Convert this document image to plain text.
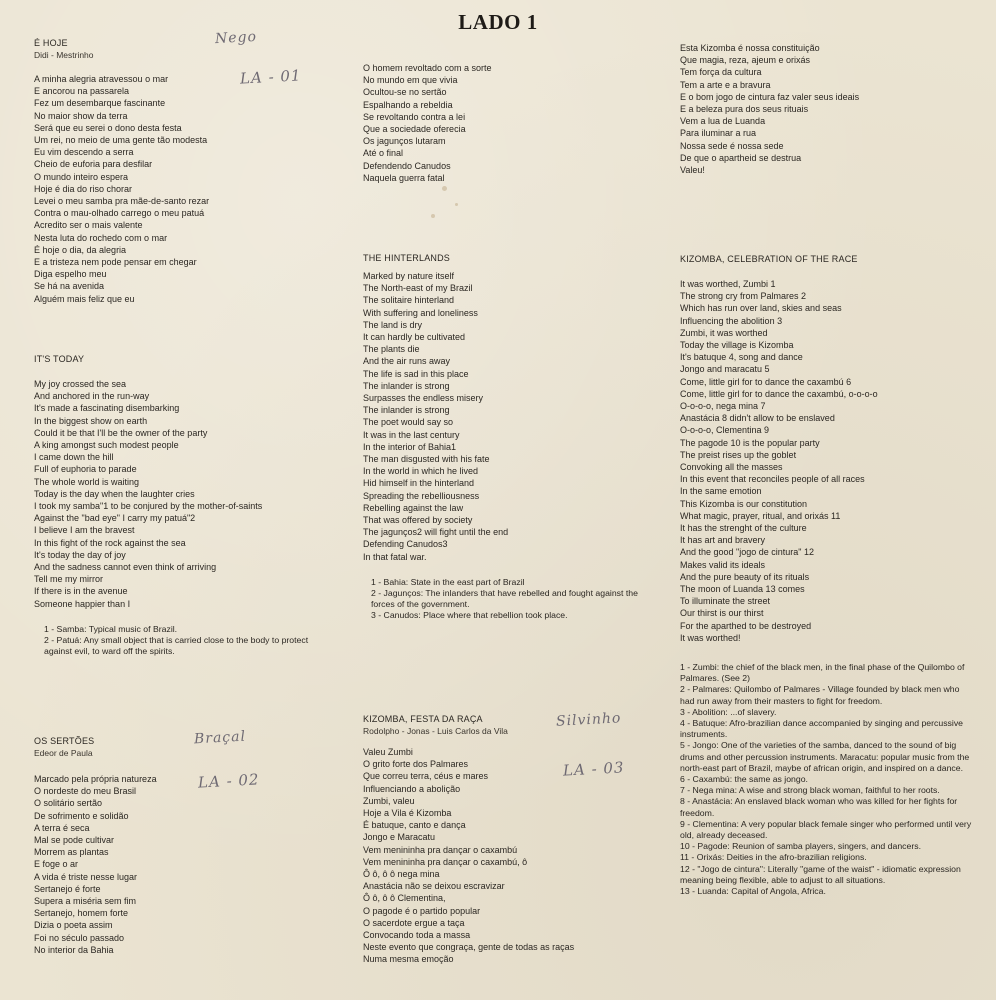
LADO 1
É HOJE

Didi - Mestrinho

A minha alegria atravessou o mar
E ancorou na passarela
Fez um desembarque fascinante
No maior show da terra
Será que eu serei o dono desta festa
Um rei, no meio de uma gente tão modesta
Eu vim descendo a serra
Cheio de euforia para desfilar
O mundo inteiro espera
Hoje é dia do riso chorar
Levei o meu samba pra mãe-de-santo rezar
Contra o mau-olhado carrego o meu patuá
Acredito ser o mais valente
Nesta luta do rochedo com o mar
É hoje o dia, da alegria
E a tristeza nem pode pensar em chegar
Diga espelho meu
Se há na avenida
Alguém mais feliz que eu
IT'S TODAY
My joy crossed the sea
And anchored in the run-way
It's made a fascinating disembarking
In the biggest show on earth
Could it be that I'll be the owner of the party
A king amongst such modest people
I came down the hill
Full of euphoria to parade
The whole world is waiting
Today is the day when the laughter cries
I took my samba"1 to be conjured by the mother-of-saints
Against the "bad eye" I carry my patuá"2
I believe I am the bravest
In this fight of the rock against the sea
It's today the day of joy
And the sadness cannot even think of arriving
Tell me my mirror
If there is in the avenue
Someone happier than I
1 - Samba: Typical music of Brazil.
2 - Patuá: Any small object that is carried close to the body to protect against evil, to ward off the spirits.
OS SERTÕES

Edeor de Paula

Marcado pela própria natureza
O nordeste do meu Brasil
O solitário sertão
De sofrimento e solidão
A terra é seca
Mal se pode cultivar
Morrem as plantas
E foge o ar
A vida é triste nesse lugar
Sertanejo é forte
Supera a miséria sem fim
Sertanejo, homem forte
Dizia o poeta assim
Foi no século passado
No interior da Bahia
O homem revoltado com a sorte
No mundo em que vivia
Ocultou-se no sertão
Espalhando a rebeldia
Se revoltando contra a lei
Que a sociedade oferecia
Os jagunços lutaram
Até o final
Defendendo Canudos
Naquela guerra fatal
THE HINTERLANDS
Marked by nature itself
The North-east of my Brazil
The solitaire hinterland
With suffering and loneliness
The land is dry
It can hardly be cultivated
The plants die
And the air runs away
The life is sad in this place
The inlander is strong
Surpasses the endless misery
The inlander is strong
The poet would say so
It was in the last century
In the interior of Bahia1
The man disgusted with his fate
In the world in which he lived
Hid himself in the hinterland
Spreading the rebelliousness
Rebelling against the law
That was offered by society
The jagunços2 will fight until the end
Defending Canudos3
In that fatal war.
1 - Bahia: State in the east part of Brazil
2 - Jagunços: The inlanders that have rebelled and fought against the forces of the government.
3 - Canudos: Place where that rebellion took place.
KIZOMBA, FESTA DA RAÇA

Rodolpho - Jonas - Luis Carlos da Vila

Valeu Zumbi
O grito forte dos Palmares
Que correu terra, céus e mares
Influenciando a abolição
Zumbi, valeu
Hoje a Vila é Kizomba
É batuque, canto e dança
Jongo e Maracatu
Vem menininha pra dançar o caxambú
Vem menininha pra dançar o caxambú, ô
Ô ô, ô ô nega mina
Anastácia não se deixou escravizar
Ô ô, ô ô Clementina,
O pagode é o partido popular
O sacerdote ergue a taça
Convocando toda a massa
Neste evento que congraça, gente de todas as raças
Numa mesma emoção
Esta Kizomba é nossa constituição
Que magia, reza, ajeum e orixás
Tem força da cultura
Tem a arte e a bravura
E o bom jogo de cintura faz valer seus ideais
E a beleza pura dos seus rituais
Vem a lua de Luanda
Para iluminar a rua
Nossa sede é nossa sede
De que o apartheid se destrua
Valeu!
KIZOMBA, CELEBRATION OF THE RACE
It was worthed, Zumbi 1
The strong cry from Palmares 2
Which has run over land, skies and seas
Influencing the abolition 3
Zumbi, it was worthed
Today the village is Kizomba
It's batuque 4, song and dance
Jongo and maracatu 5
Come, little girl for to dance the caxambú 6
Come, little girl for to dance the caxambú, o-o-o-o
O-o-o-o, nega mina 7
Anastácia 8 didn't allow to be enslaved
O-o-o-o, Clementina 9
The pagode 10 is the popular party
The preist rises up the goblet
Convoking all the masses
In this event that reconciles people of all races
In the same emotion
This Kizomba is our constitution
What magic, prayer, ritual, and orixás 11
It has the strenght of the culture
It has art and bravery
And the good "jogo de cintura" 12
Makes valid its ideals
And the pure beauty of its rituals
The moon of Luanda 13 comes
To illuminate the street
Our thirst is our thirst
For the aparthed to be destroyed
It was worthed!
1 - Zumbi: the chief of the black men, in the final phase of the Quilombo of Palmares. (See 2)
2 - Palmares: Quilombo of Palmares - Village founded by black men who had run away from their masters to fight for freedom.
3 - Abolition: ...of slavery.
4 - Batuque: Afro-brazilian dance accompanied by singing and percussive instruments.
5 - Jongo: One of the varieties of the samba, danced to the sound of big drums and other percussion instruments. Maracatu: popular music from the north-east part of Brazil, maybe of african origin, and inspired on a dance.
6 - Caxambú: the same as jongo.
7 - Nega mina: A wise and strong black woman, faithful to her roots.
8 - Anastácia: An enslaved black woman who was killed for her fights for freedom.
9 - Clementina: A very popular black female singer who performed until very old, already deceased.
10 - Pagode: Reunion of samba players, singers, and dancers.
11 - Orixás: Deities in the afro-brazilian religions.
12 - "Jogo de cintura": Literally "game of the waist" - idiomatic expression meaning being flexible, able to adjust to all situations.
13 - Luanda: Capital of Angola, Africa.
Nego
LA - 01
Braçal
LA - 02
Silvinho
LA - 03
